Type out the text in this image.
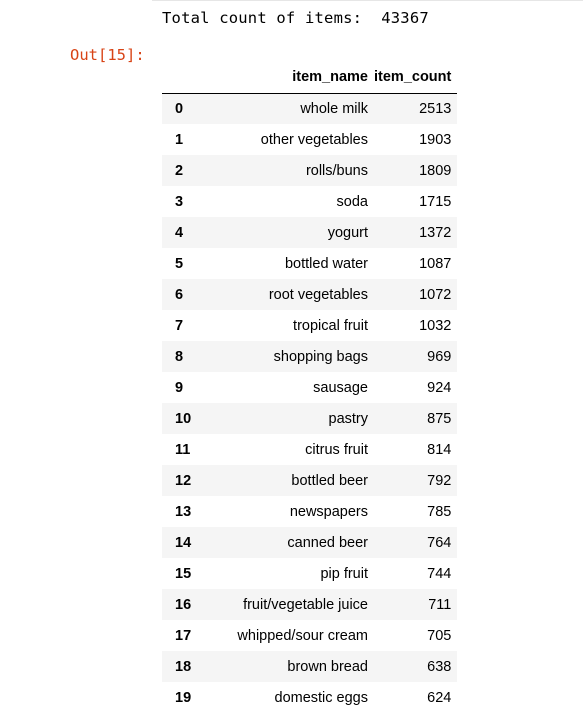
Total count of items:  43367
Out[15]:
	item_name	item_count
0	whole milk	2513
1	other vegetables	1903
2	rolls/buns	1809
3	soda	1715
4	yogurt	1372
5	bottled water	1087
6	root vegetables	1072
7	tropical fruit	1032
8	shopping bags	969
9	sausage	924
10	pastry	875
11	citrus fruit	814
12	bottled beer	792
13	newspapers	785
14	canned beer	764
15	pip fruit	744
16	fruit/vegetable juice	711
17	whipped/sour cream	705
18	brown bread	638
19	domestic eggs	624
